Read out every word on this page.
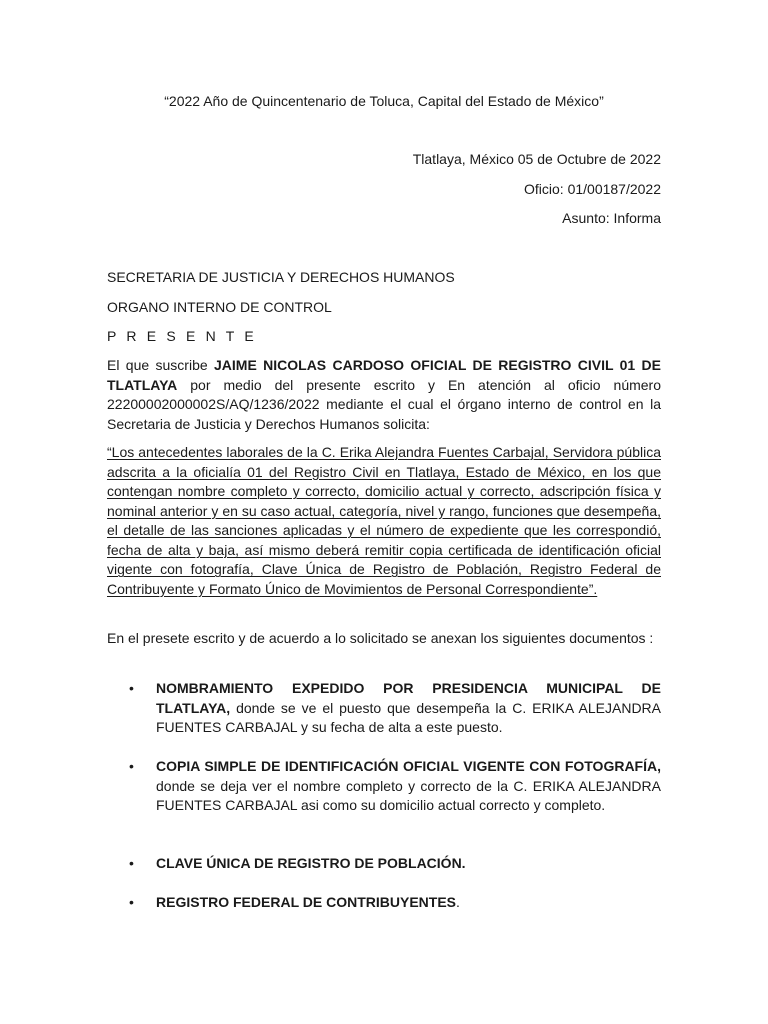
“2022 Año de Quincentenario de Toluca, Capital del Estado de México”
Tlatlaya, México 05 de Octubre de 2022
Oficio: 01/00187/2022
Asunto: Informa
SECRETARIA DE JUSTICIA Y DERECHOS HUMANOS
ORGANO INTERNO DE CONTROL
P R E S E N T E
El que suscribe JAIME NICOLAS CARDOSO OFICIAL DE REGISTRO CIVIL 01 DE TLATLAYA por medio del presente escrito y En atención al oficio número 22200002000002S/AQ/1236/2022 mediante el cual el órgano interno de control en la Secretaria de Justicia y Derechos Humanos solicita:
“Los antecedentes laborales de la C. Erika Alejandra Fuentes Carbajal, Servidora pública adscrita a la oficialía 01 del Registro Civil en Tlatlaya, Estado de México, en los que contengan nombre completo y correcto, domicilio actual y correcto, adscripción física y nominal anterior y en su caso actual, categoría, nivel y rango, funciones que desempeña, el detalle de las sanciones aplicadas y el número de expediente que les correspondió, fecha de alta y baja, así mismo deberá remitir copia certificada de identificación oficial vigente con fotografía, Clave Única de Registro de Población, Registro Federal de Contribuyente y Formato Único de Movimientos de Personal Correspondiente”.
En el presete escrito y de acuerdo a lo solicitado se anexan los siguientes documentos :
• NOMBRAMIENTO EXPEDIDO POR PRESIDENCIA MUNICIPAL DE TLATLAYA, donde se ve el puesto que desempeña la C. ERIKA ALEJANDRA FUENTES CARBAJAL y su fecha de alta a este puesto.
• COPIA SIMPLE DE IDENTIFICACIÓN OFICIAL VIGENTE CON FOTOGRAFÍA, donde se deja ver el nombre completo y correcto de la C. ERIKA ALEJANDRA FUENTES CARBAJAL asi como su domicilio actual correcto y completo.
• CLAVE ÚNICA DE REGISTRO DE POBLACIÓN.
• REGISTRO FEDERAL DE CONTRIBUYENTES.
